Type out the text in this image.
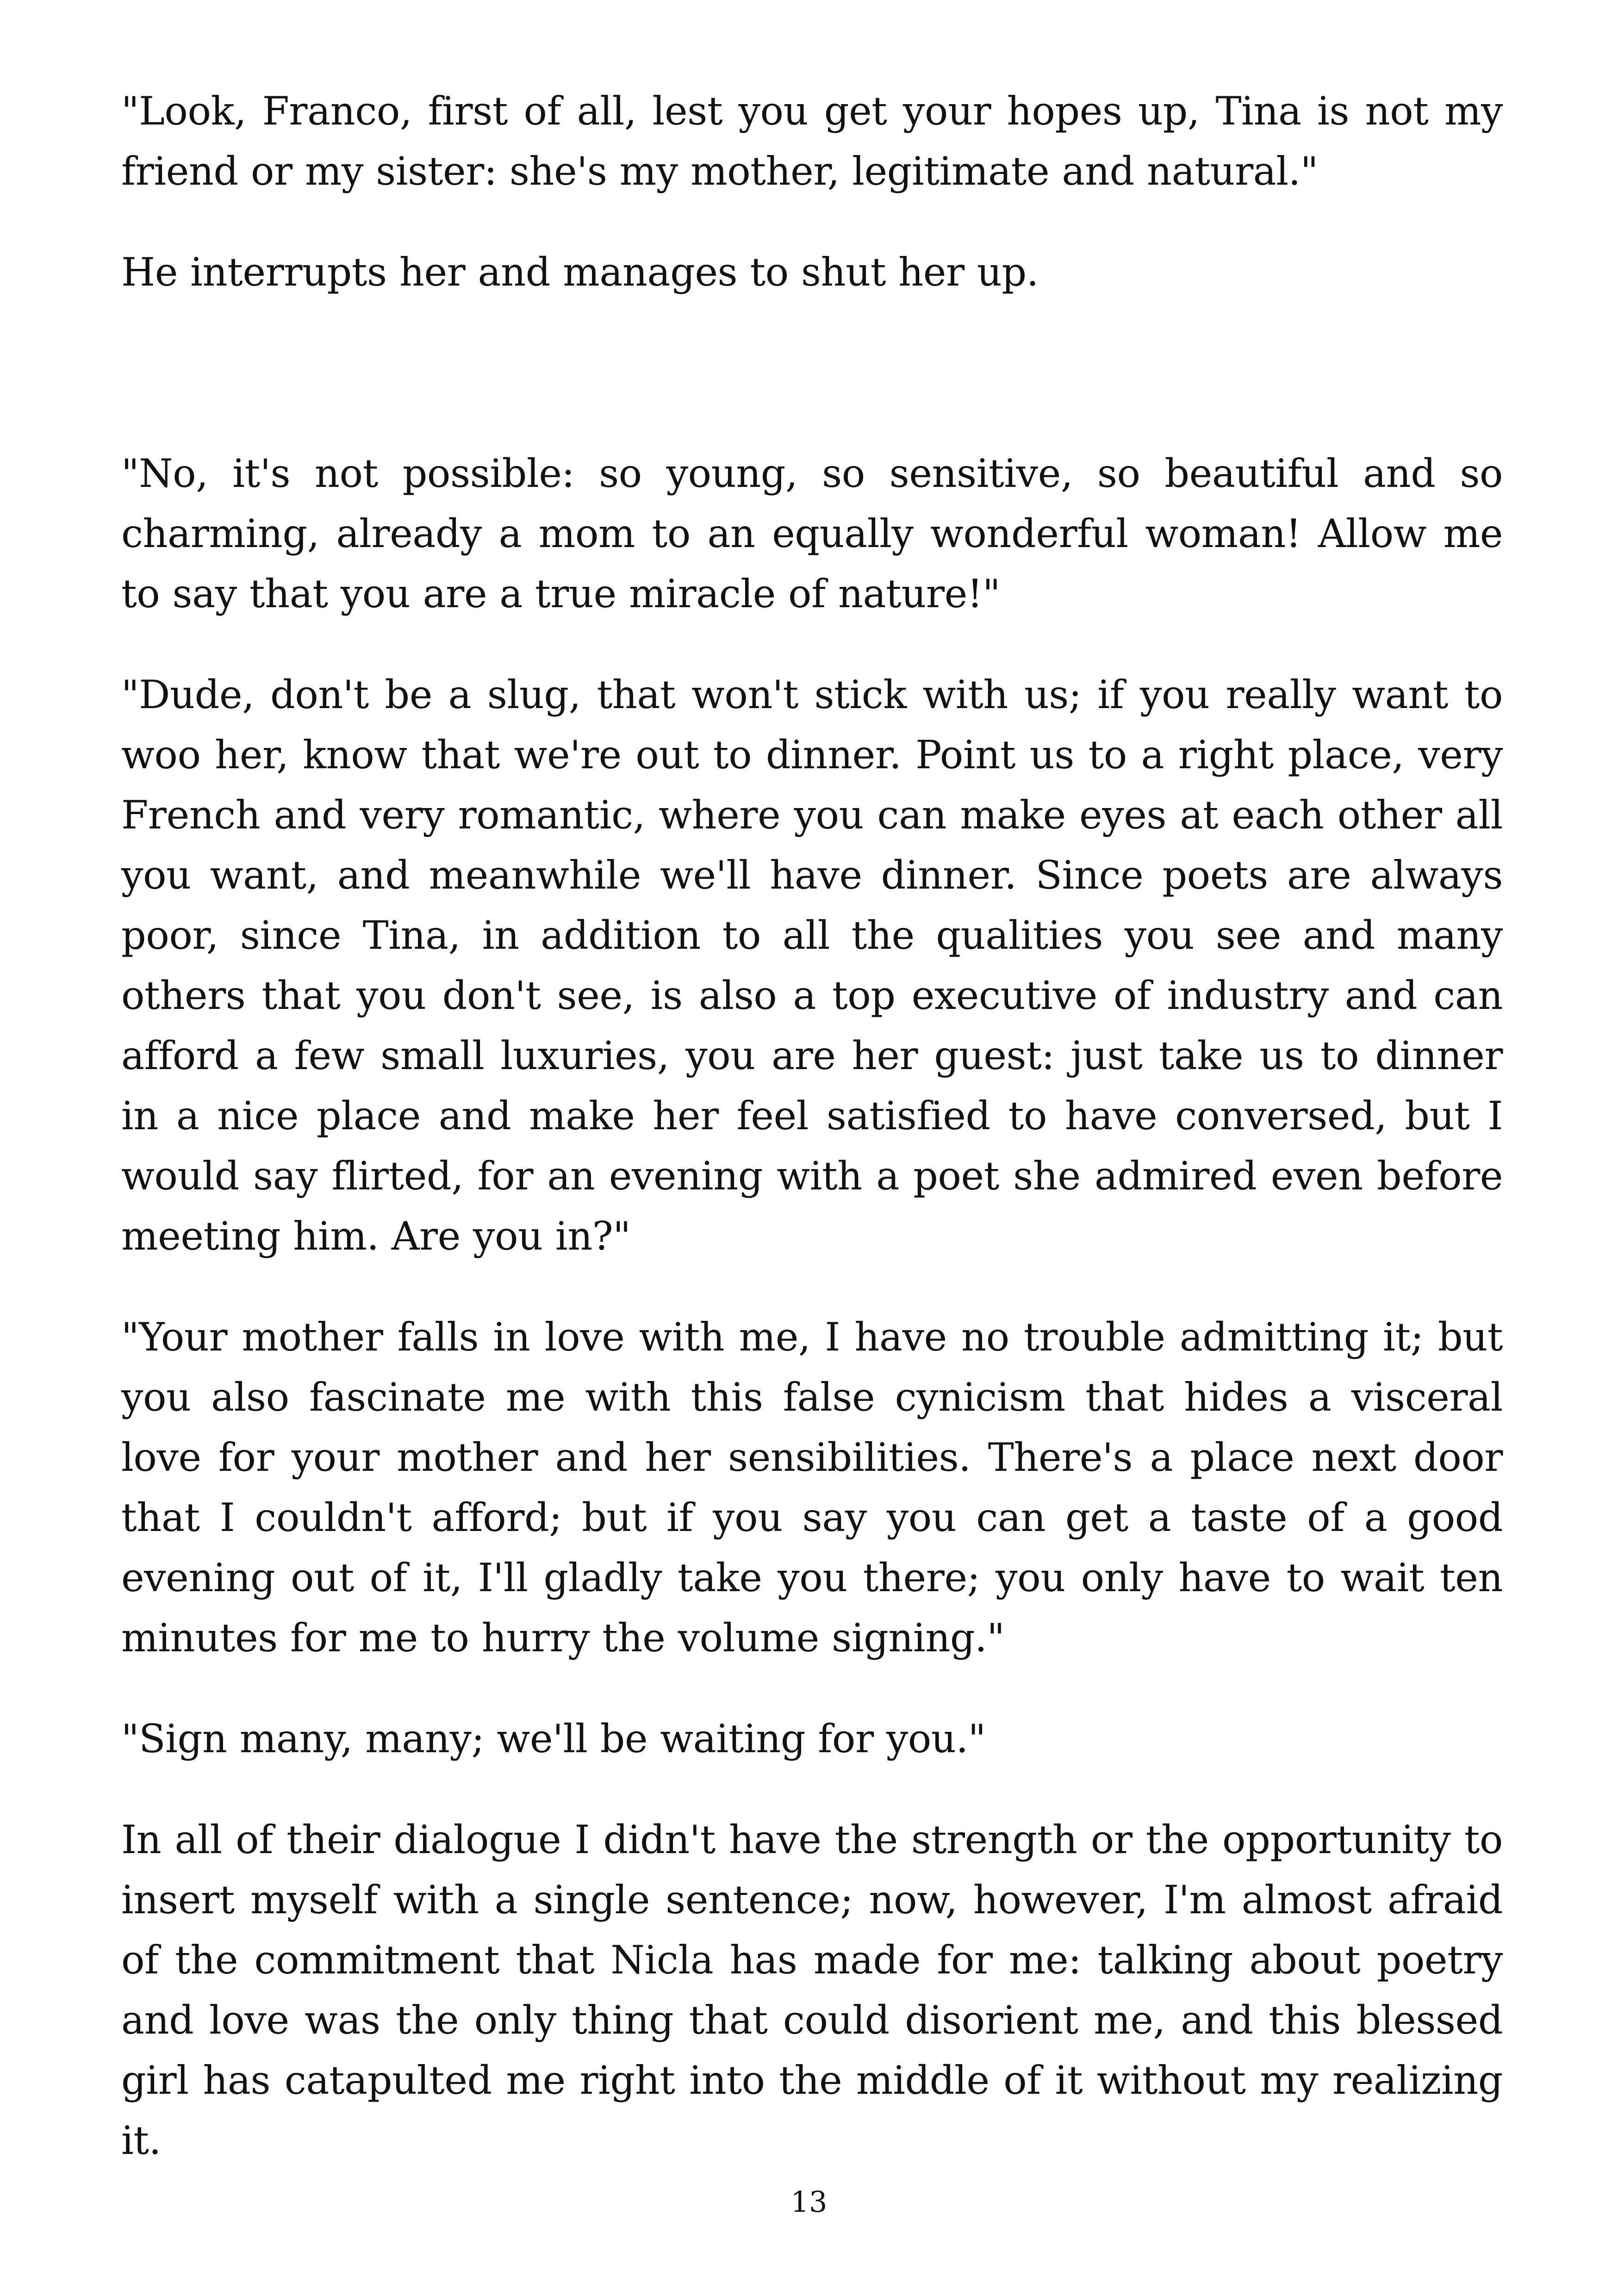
"Look, Franco, first of all, lest you get your hopes up, Tina is not my friend or my sister: she's my mother, legitimate and natural."

He interrupts her and manages to shut her up.

"No, it's not possible: so young, so sensitive, so beautiful and so charming, already a mom to an equally wonderful woman! Allow me to say that you are a true miracle of nature!"

"Dude, don't be a slug, that won't stick with us; if you really want to woo her, know that we're out to dinner. Point us to a right place, very French and very romantic, where you can make eyes at each other all you want, and meanwhile we'll have dinner. Since poets are always poor, since Tina, in addition to all the qualities you see and many others that you don't see, is also a top executive of industry and can afford a few small luxuries, you are her guest: just take us to dinner in a nice place and make her feel satisfied to have conversed, but I would say flirted, for an evening with a poet she admired even before meeting him. Are you in?"

"Your mother falls in love with me, I have no trouble admitting it; but you also fascinate me with this false cynicism that hides a visceral love for your mother and her sensibilities. There's a place next door that I couldn't afford; but if you say you can get a taste of a good evening out of it, I'll gladly take you there; you only have to wait ten minutes for me to hurry the volume signing."

"Sign many, many; we'll be waiting for you."

In all of their dialogue I didn't have the strength or the opportunity to insert myself with a single sentence; now, however, I'm almost afraid of the commitment that Nicla has made for me: talking about poetry and love was the only thing that could disorient me, and this blessed girl has catapulted me right into the middle of it without my realizing it.

13
